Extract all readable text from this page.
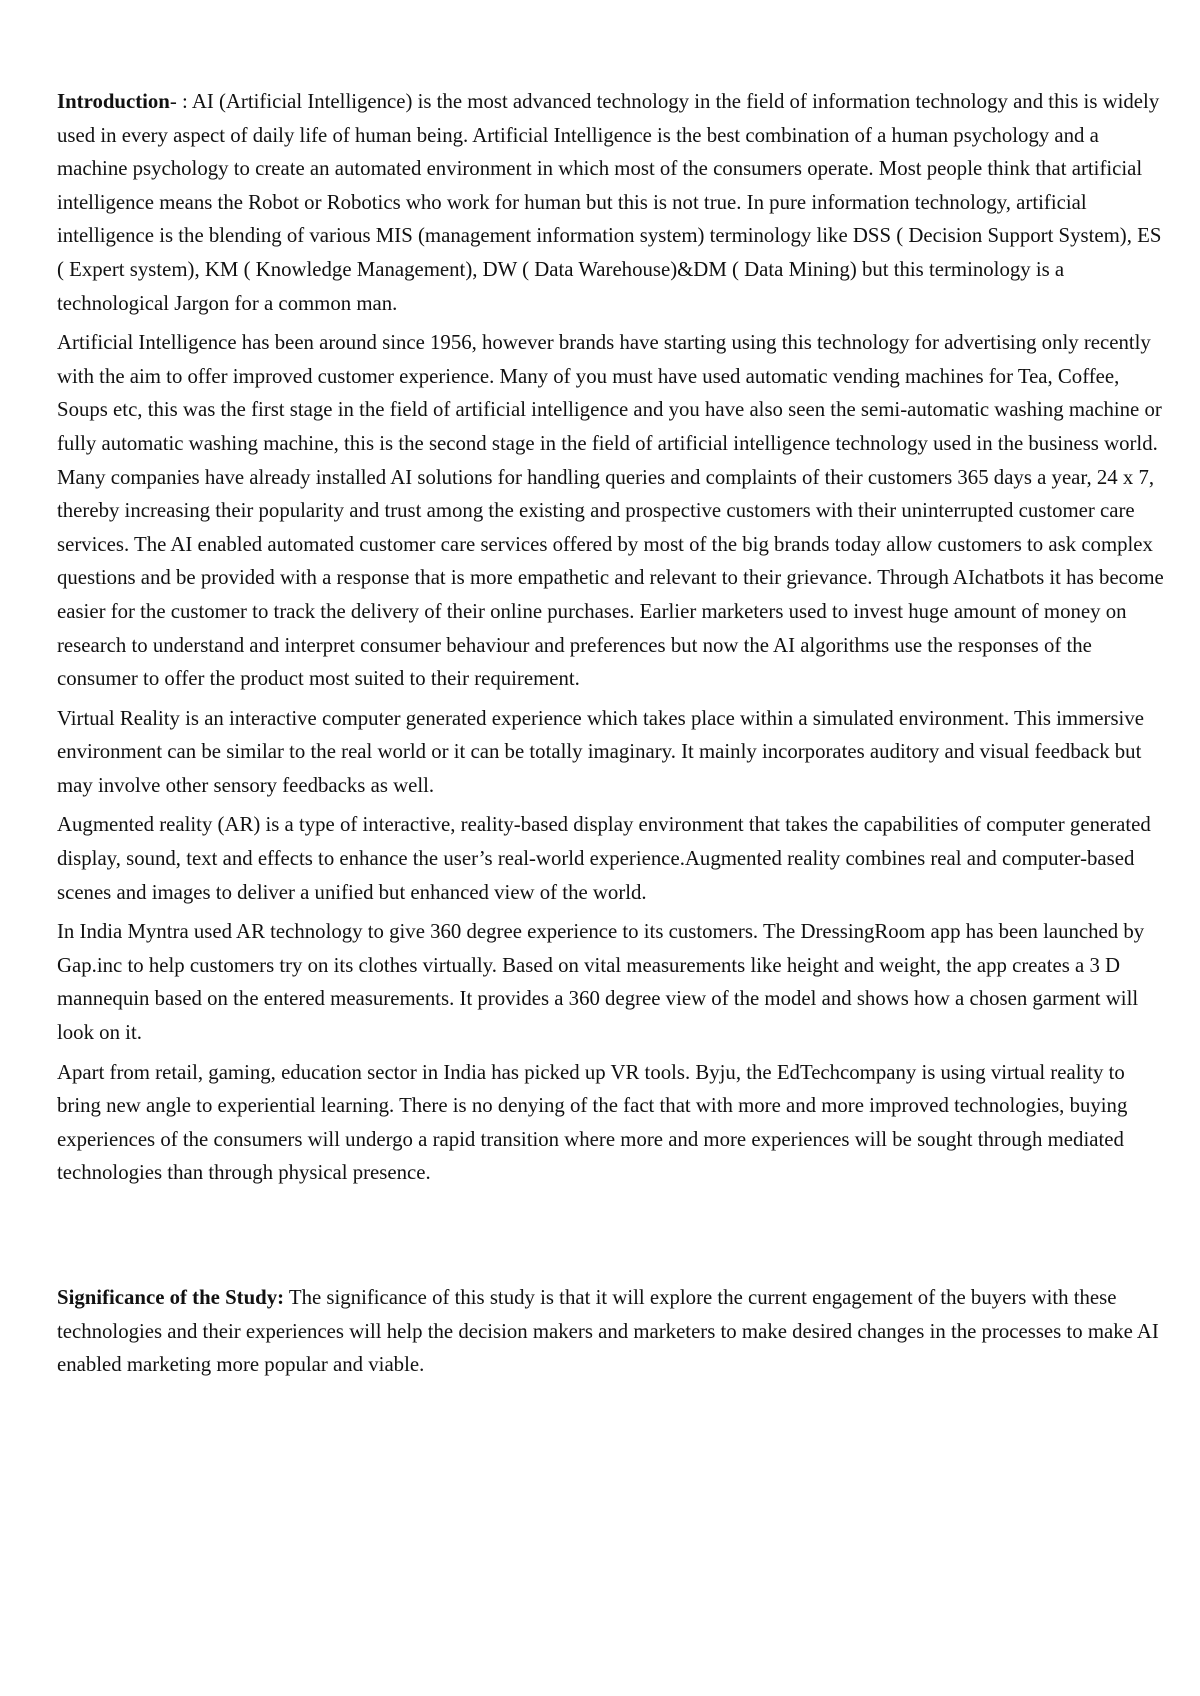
Introduction- : AI (Artificial Intelligence) is the most advanced technology in the field of information technology and this is widely used in every aspect of daily life of human being. Artificial Intelligence is the best combination of a human psychology and a machine psychology to create an automated environment in which most of the consumers operate. Most people think that artificial intelligence means the Robot or Robotics who work for human but this is not true. In pure information technology, artificial intelligence is the blending of various MIS (management information system) terminology like DSS ( Decision Support System), ES ( Expert system), KM ( Knowledge Management), DW ( Data Warehouse)&DM ( Data Mining) but this terminology is a technological Jargon for a common man.

Artificial Intelligence has been around since 1956, however brands have starting using this technology for advertising only recently with the aim to offer improved customer experience. Many of you must have used automatic vending machines for Tea, Coffee, Soups etc, this was the first stage in the field of artificial intelligence and you have also seen the semi-automatic washing machine or fully automatic washing machine, this is the second stage in the field of artificial intelligence technology used in the business world. Many companies have already installed AI solutions for handling queries and complaints of their customers 365 days a year, 24 x 7, thereby increasing their popularity and trust among the existing and prospective customers with their uninterrupted customer care services. The AI enabled automated customer care services offered by most of the big brands today allow customers to ask complex questions and be provided with a response that is more empathetic and relevant to their grievance. Through AIchatbots it has become easier for the customer to track the delivery of their online purchases. Earlier marketers used to invest huge amount of money on research to understand and interpret consumer behaviour and preferences but now the AI algorithms use the responses of the consumer to offer the product most suited to their requirement.

Virtual Reality is an interactive computer generated experience which takes place within a simulated environment. This immersive environment can be similar to the real world or it can be totally imaginary. It mainly incorporates auditory and visual feedback but may involve other sensory feedbacks as well.

Augmented reality (AR) is a type of interactive, reality-based display environment that takes the capabilities of computer generated display, sound, text and effects to enhance the user’s real-world experience.Augmented reality combines real and computer-based scenes and images to deliver a unified but enhanced view of the world.

In India Myntra used AR technology to give 360 degree experience to its customers. The DressingRoom app has been launched by Gap.inc to help customers try on its clothes virtually. Based on vital measurements like height and weight, the app creates a 3 D mannequin based on the entered measurements. It provides a 360 degree view of the model and shows how a chosen garment will look on it.

Apart from retail, gaming, education sector in India has picked up VR tools. Byju, the EdTechcompany is using virtual reality to bring new angle to experiential learning. There is no denying of the fact that with more and more improved technologies, buying experiences of the consumers will undergo a rapid transition where more and more experiences will be sought through mediated technologies than through physical presence.

Significance of the Study: The significance of this study is that it will explore the current engagement of the buyers with these technologies and their experiences will help the decision makers and marketers to make desired changes in the processes to make AI enabled marketing more popular and viable.
